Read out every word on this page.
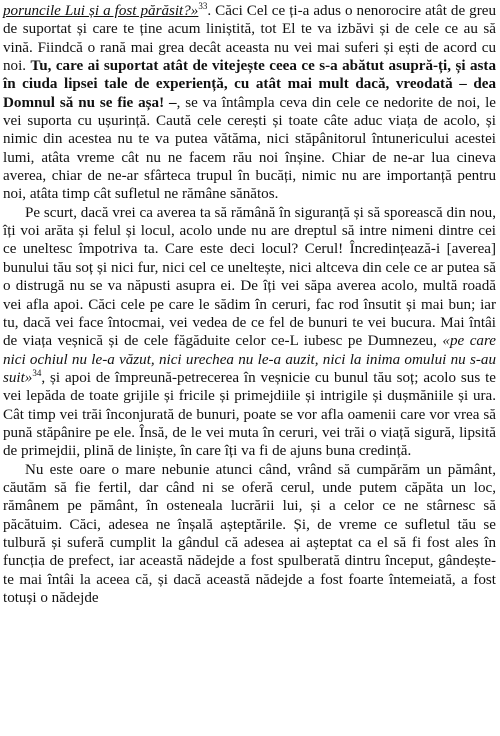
poruncile Lui și a fost părăsit?»$^{33}$. Căci Cel ce ți-a adus o nenorocire atât de greu de suportat și care te ține acum liniștită, tot El te va izbăvi și de cele ce au să vină. Fiindcă o rană mai grea decât aceasta nu vei mai suferi și ești de acord cu noi. Tu, care ai suportat atât de vitejește ceea ce s-a abătut asupră-ți, și asta în ciuda lipsei tale de experiență, cu atât mai mult dacă, vreodată – dea Domnul să nu se fie așa! –, se va întâmpla ceva din cele ce nedorite de noi, le vei suporta cu ușurință. Caută cele cerești și toate câte aduc viața de acolo, și nimic din acestea nu te va putea vătăma, nici stăpânitorul întunericului acestei lumi, atâta vreme cât nu ne facem rău noi înșine. Chiar de ne-ar lua cineva averea, chiar de ne-ar sfârteca trupul în bucăți, nimic nu are importanță pentru noi, atâta timp cât sufletul ne rămâne sănătos.

Pe scurt, dacă vrei ca averea ta să rămână în siguranță și să sporească din nou, îți voi arăta și felul și locul, acolo unde nu are dreptul să intre nimeni dintre cei ce uneltesc împotriva ta. Care este deci locul? Cerul! Încredințează-i [averea] bunului tău soț și nici fur, nici cel ce uneltește, nici altceva din cele ce ar putea să o distrugă nu se va năpusti asupra ei. De îți vei săpa averea acolo, multă roadă vei afla apoi. Căci cele pe care le sădim în ceruri, fac rod însutit și mai bun; iar tu, dacă vei face întocmai, vei vedea de ce fel de bunuri te vei bucura. Mai întâi de viața veșnică și de cele făgăduite celor ce-L iubesc pe Dumnezeu, «pe care nici ochiul nu le-a văzut, nici urechea nu le-a auzit, nici la inima omului nu s-au suit»$^{34}$, și apoi de împreună-petrecerea în veșnicie cu bunul tău soț; acolo sus te vei lepăda de toate grijile și fricile și primejdiile și intrigile și dușmăniile și ura. Cât timp vei trăi înconjurată de bunuri, poate se vor afla oamenii care vor vrea să pună stăpânire pe ele. Însă, de le vei muta în ceruri, vei trăi o viață sigură, lipsită de primejdii, plină de liniște, în care îți va fi de ajuns buna credință.

Nu este oare o mare nebunie atunci când, vrând să cumpărăm un pământ, căutăm să fie fertil, dar când ni se oferă cerul, unde putem căpăta un loc, rămânem pe pământ, în osteneala lucrării lui, și a celor ce ne stârnesc să păcătuim. Căci, adesea ne înșală așteptările. Și, de vreme ce sufletul tău se tulbură și suferă cumplit la gândul că adesea ai așteptat ca el să fi fost ales în funcția de prefect, iar această nădejde a fost spulberată dintru început, gândește-te mai întâi la aceea că, și dacă această nădejde a fost foarte întemeiată, a fost totuși o nădejde
